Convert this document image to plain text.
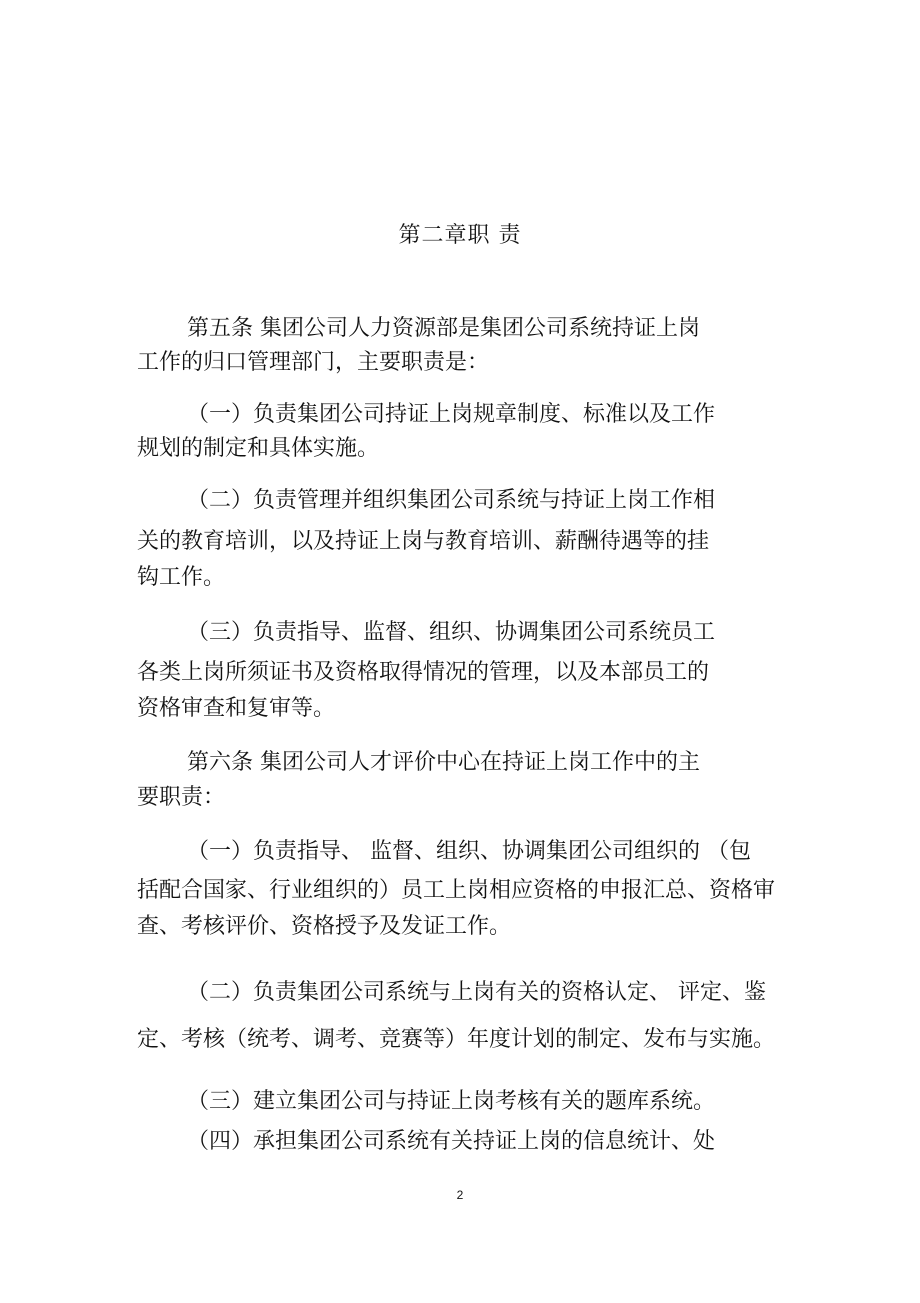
第二章职 责
第五条 集团公司人力资源部是集团公司系统持证上岗
工作的归口管理部门，主要职责是：
（一）负责集团公司持证上岗规章制度、标准以及工作
规划的制定和具体实施。
（二）负责管理并组织集团公司系统与持证上岗工作相
关的教育培训，以及持证上岗与教育培训、薪酬待遇等的挂
钩工作。
（三）负责指导、监督、组织、协调集团公司系统员工
各类上岗所须证书及资格取得情况的管理，以及本部员工的
资格审查和复审等。
第六条 集团公司人才评价中心在持证上岗工作中的主
要职责：
（一）负责指导、 监督、组织、协调集团公司组织的 （包
括配合国家、行业组织的）员工上岗相应资格的申报汇总、资格审
查、考核评价、资格授予及发证工作。
（二）负责集团公司系统与上岗有关的资格认定、 评定、鉴
定、考核（统考、调考、竞赛等）年度计划的制定、发布与实施。
（三）建立集团公司与持证上岗考核有关的题库系统。
（四）承担集团公司系统有关持证上岗的信息统计、处
2
